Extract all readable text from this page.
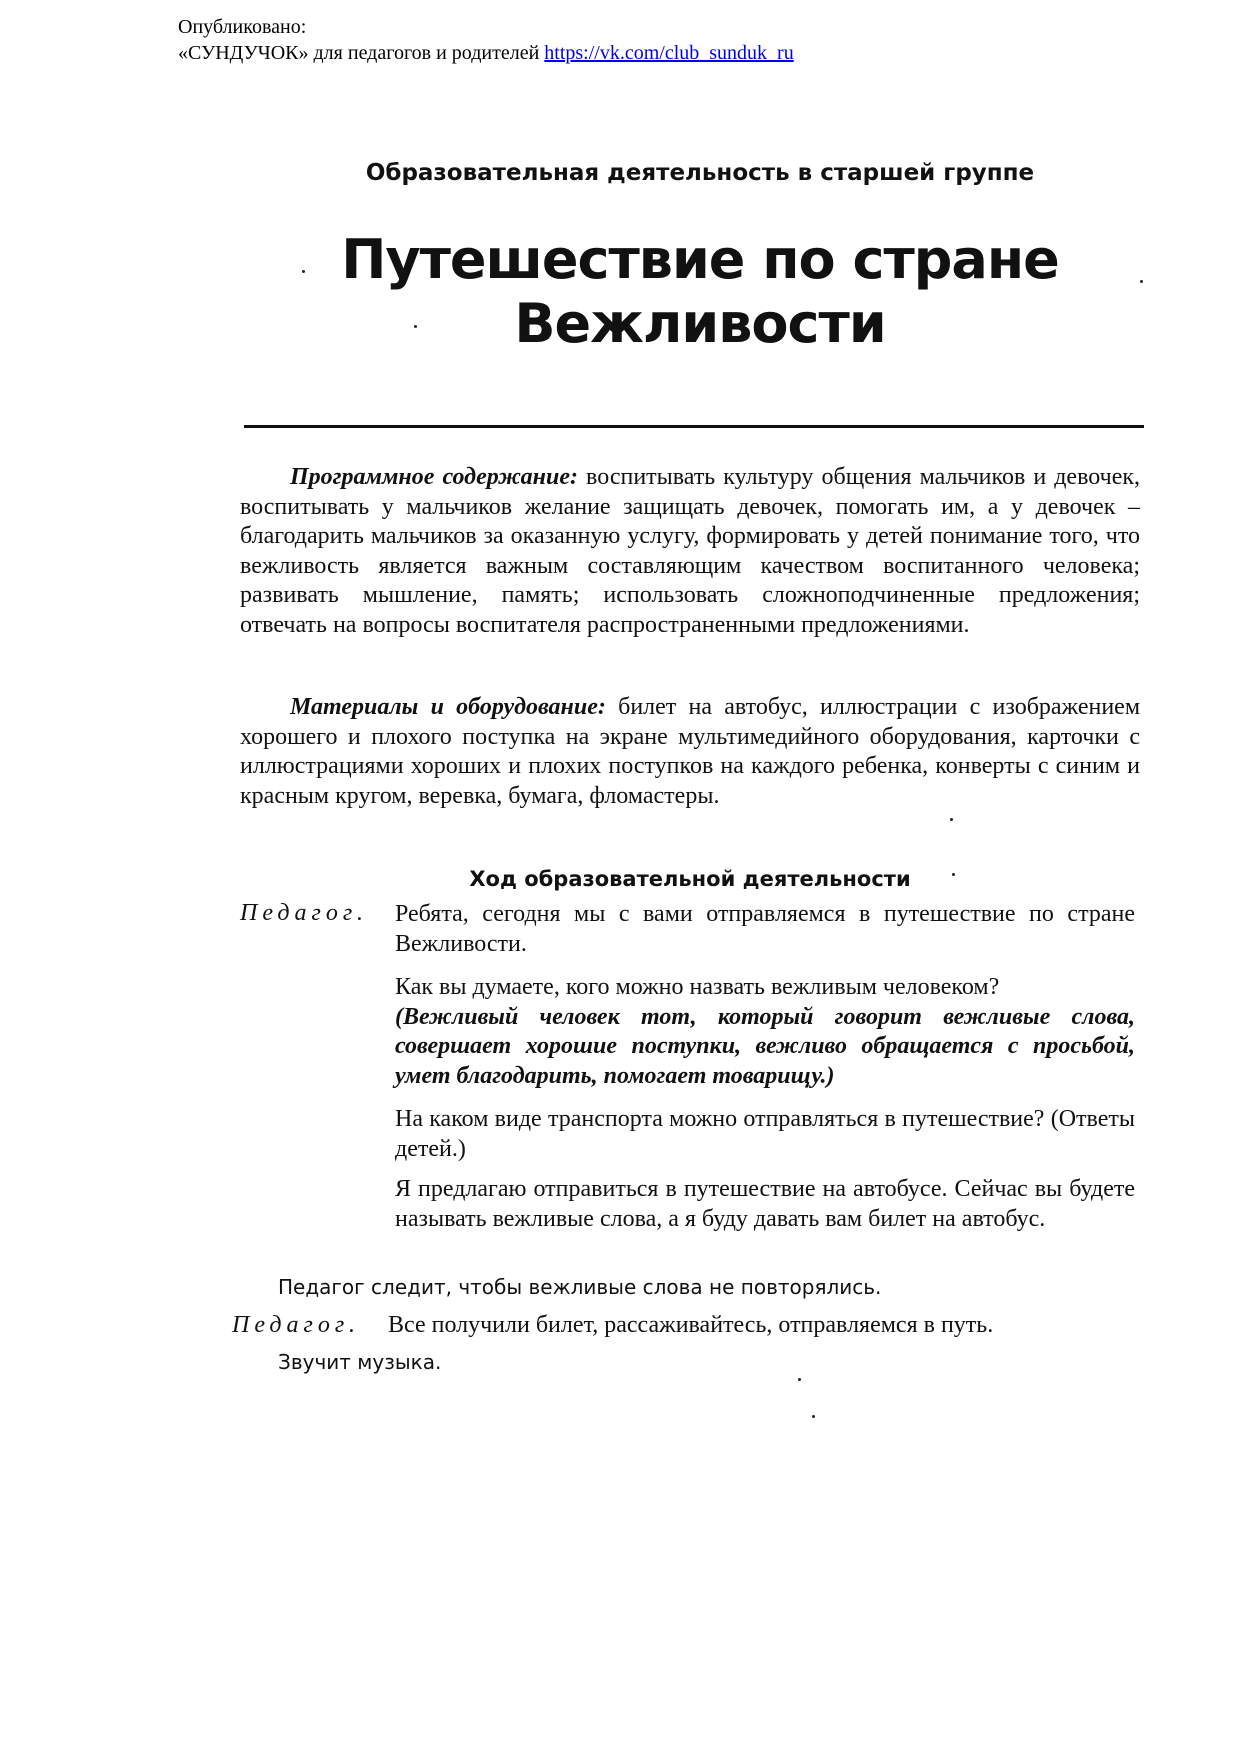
Опубликовано:
«СУНДУЧОК» для педагогов и родителей https://vk.com/club_sunduk_ru
Образовательная деятельность в старшей группе
Путешествие по стране
Вежливости
Программное содержание: воспитывать культуру общения мальчиков и девочек, воспитывать у мальчиков желание защищать девочек, помогать им, а у девочек – благодарить мальчиков за оказанную услугу, формировать у детей понимание того, что вежливость является важным составляющим качеством воспитанного человека; развивать мышление, память; использовать сложноподчиненные предложения; отвечать на вопросы воспитателя распространенными предложениями.
Материалы и оборудование: билет на автобус, иллюстрации с изображением хорошего и плохого поступка на экране мультимедийного оборудования, карточки с иллюстрациями хороших и плохих поступков на каждого ребенка, конверты с синим и красным кругом, веревка, бумага, фломастеры.
Ход образовательной деятельности
Педагог. Ребята, сегодня мы с вами отправляемся в путешествие по стране Вежливости.
Как вы думаете, кого можно назвать вежливым человеком?
(Вежливый человек тот, который говорит вежливые слова, совершает хорошие поступки, вежливо обращается с просьбой, умет благодарить, помогает товарищу.)
На каком виде транспорта можно отправляться в путешествие? (Ответы детей.)
Я предлагаю отправиться в путешествие на автобусе. Сейчас вы будете называть вежливые слова, а я буду давать вам билет на автобус.
Педагог следит, чтобы вежливые слова не повторялись.
Педагог. Все получили билет, рассаживайтесь, отправляемся в путь.
Звучит музыка.
